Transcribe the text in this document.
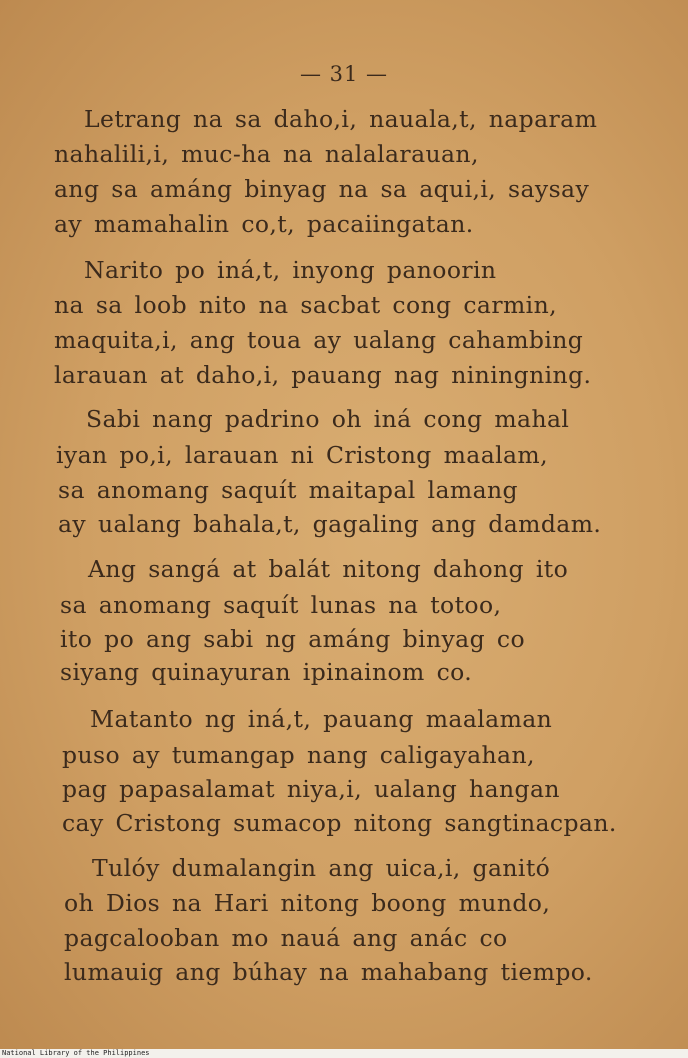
— 31 —
Letrang na sa daho,i, nauala,t, naparam
nahalili,i, muc-ha na nalalarauan,
ang sa amáng binyag na sa aqui,i, saysay
ay mamahalin co,t, pacaiingatan.
Narito po iná,t, inyong panoorin
na sa loob nito na sacbat cong carmin,
maquita,i, ang toua ay ualang cahambing
larauan at daho,i, pauang nag niningning.
Sabi nang padrino oh iná cong mahal
iyan po,i, larauan ni Cristong maalam,
sa anomang saquít maitapal lamang
ay ualang bahala,t, gagaling ang damdam.
Ang sangá at balát nitong dahong ito
sa anomang saquít lunas na totoo,
ito po ang sabi ng amáng binyag co
siyang quinayuran ipinainom co.
Matanto ng iná,t, pauang maalaman
puso ay tumangap nang caligayahan,
pag papasalamat niya,i, ualang hangan
cay Cristong sumacop nitong sangtinacpan.
Tulóy dumalangin ang uica,i, ganitó
oh Dios na Hari nitong boong mundo,
pagcalooban mo nauá ang anác co
lumauig ang búhay na mahabang tiempo.
National Library of the Philippines
